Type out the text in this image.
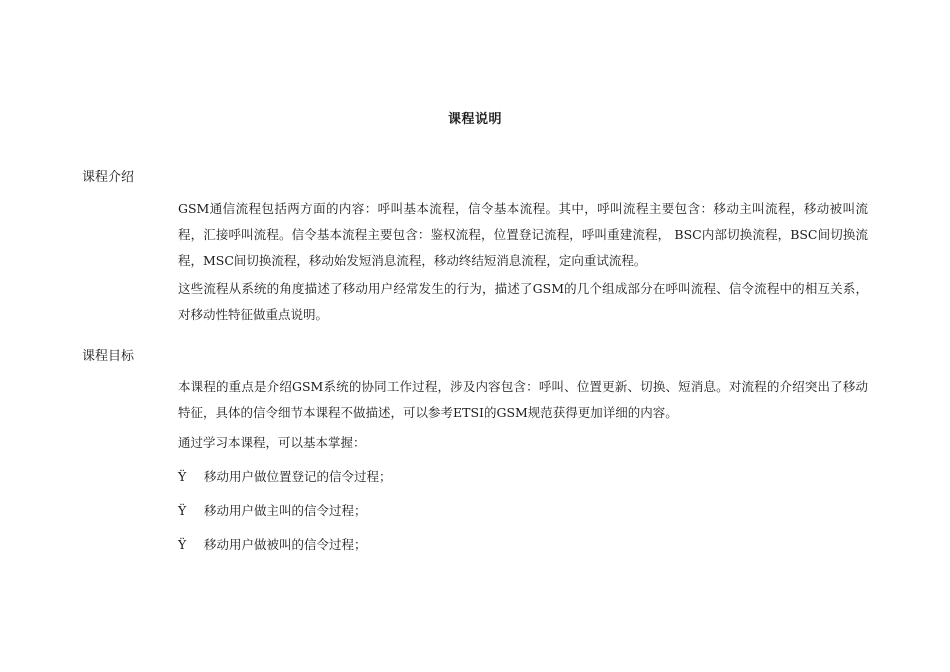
课程说明
课程介绍
GSM通信流程包括两方面的内容：呼叫基本流程，信令基本流程。其中，呼叫流程主要包含：移动主叫流程，移动被叫流程，汇接呼叫流程。信令基本流程主要包含：鉴权流程，位置登记流程，呼叫重建流程， BSC内部切换流程，BSC间切换流程，MSC间切换流程，移动始发短消息流程，移动终结短消息流程，定向重试流程。
这些流程从系统的角度描述了移动用户经常发生的行为，描述了GSM的几个组成部分在呼叫流程、信令流程中的相互关系，对移动性特征做重点说明。
课程目标
本课程的重点是介绍GSM系统的协同工作过程，涉及内容包含：呼叫、位置更新、切换、短消息。对流程的介绍突出了移动特征，具体的信令细节本课程不做描述，可以参考ETSI的GSM规范获得更加详细的内容。
通过学习本课程，可以基本掌握：
Ÿ 移动用户做位置登记的信令过程；
Ÿ 移动用户做主叫的信令过程；
Ÿ 移动用户做被叫的信令过程；
